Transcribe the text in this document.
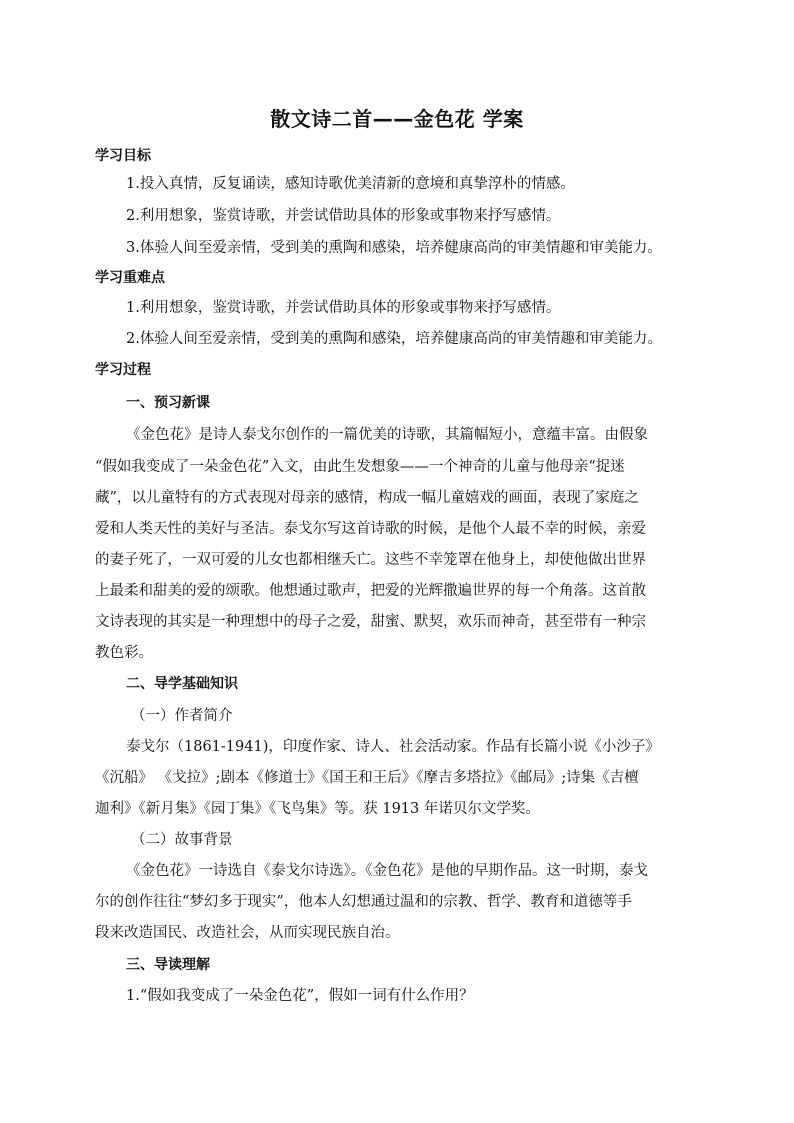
散文诗二首——金色花 学案
学习目标
1.投入真情，反复诵读，感知诗歌优美清新的意境和真挚淳朴的情感。
2.利用想象，鉴赏诗歌，并尝试借助具体的形象或事物来抒写感情。
3.体验人间至爱亲情，受到美的熏陶和感染，培养健康高尚的审美情趣和审美能力。
学习重难点
1.利用想象，鉴赏诗歌，并尝试借助具体的形象或事物来抒写感情。
2.体验人间至爱亲情，受到美的熏陶和感染，培养健康高尚的审美情趣和审美能力。
学习过程
一、预习新课
《金色花》是诗人泰戈尔创作的一篇优美的诗歌，其篇幅短小，意蕴丰富。由假象
“假如我变成了一朵金色花”入文，由此生发想象——一个神奇的儿童与他母亲“捉迷
藏”，以儿童特有的方式表现对母亲的感情，构成一幅儿童嬉戏的画面，表现了家庭之
爱和人类天性的美好与圣洁。泰戈尔写这首诗歌的时候，是他个人最不幸的时候，亲爱
的妻子死了，一双可爱的儿女也都相继夭亡。这些不幸笼罩在他身上，却使他做出世界
上最柔和甜美的爱的颂歌。他想通过歌声，把爱的光辉撒遍世界的每一个角落。这首散
文诗表现的其实是一种理想中的母子之爱，甜蜜、默契，欢乐而神奇，甚至带有一种宗
教色彩。
二、导学基础知识
（一）作者简介
泰戈尔（1861-1941)，印度作家、诗人、社会活动家。作品有长篇小说《小沙子》
《沉船》 《戈拉》;剧本《修道士》《国王和王后》《摩吉多塔拉》《邮局》;诗集《吉檀
迦利》《新月集》《园丁集》《飞鸟集》等。获 1913 年诺贝尔文学奖。
（二）故事背景
《金色花》一诗选自《泰戈尔诗选》。《金色花》是他的早期作品。这一时期，泰戈
尔的创作往往“梦幻多于现实”，他本人幻想通过温和的宗教、哲学、教育和道德等手
段来改造国民、改造社会，从而实现民族自治。
三、导读理解
1.“假如我变成了一朵金色花”，假如一词有什么作用？
